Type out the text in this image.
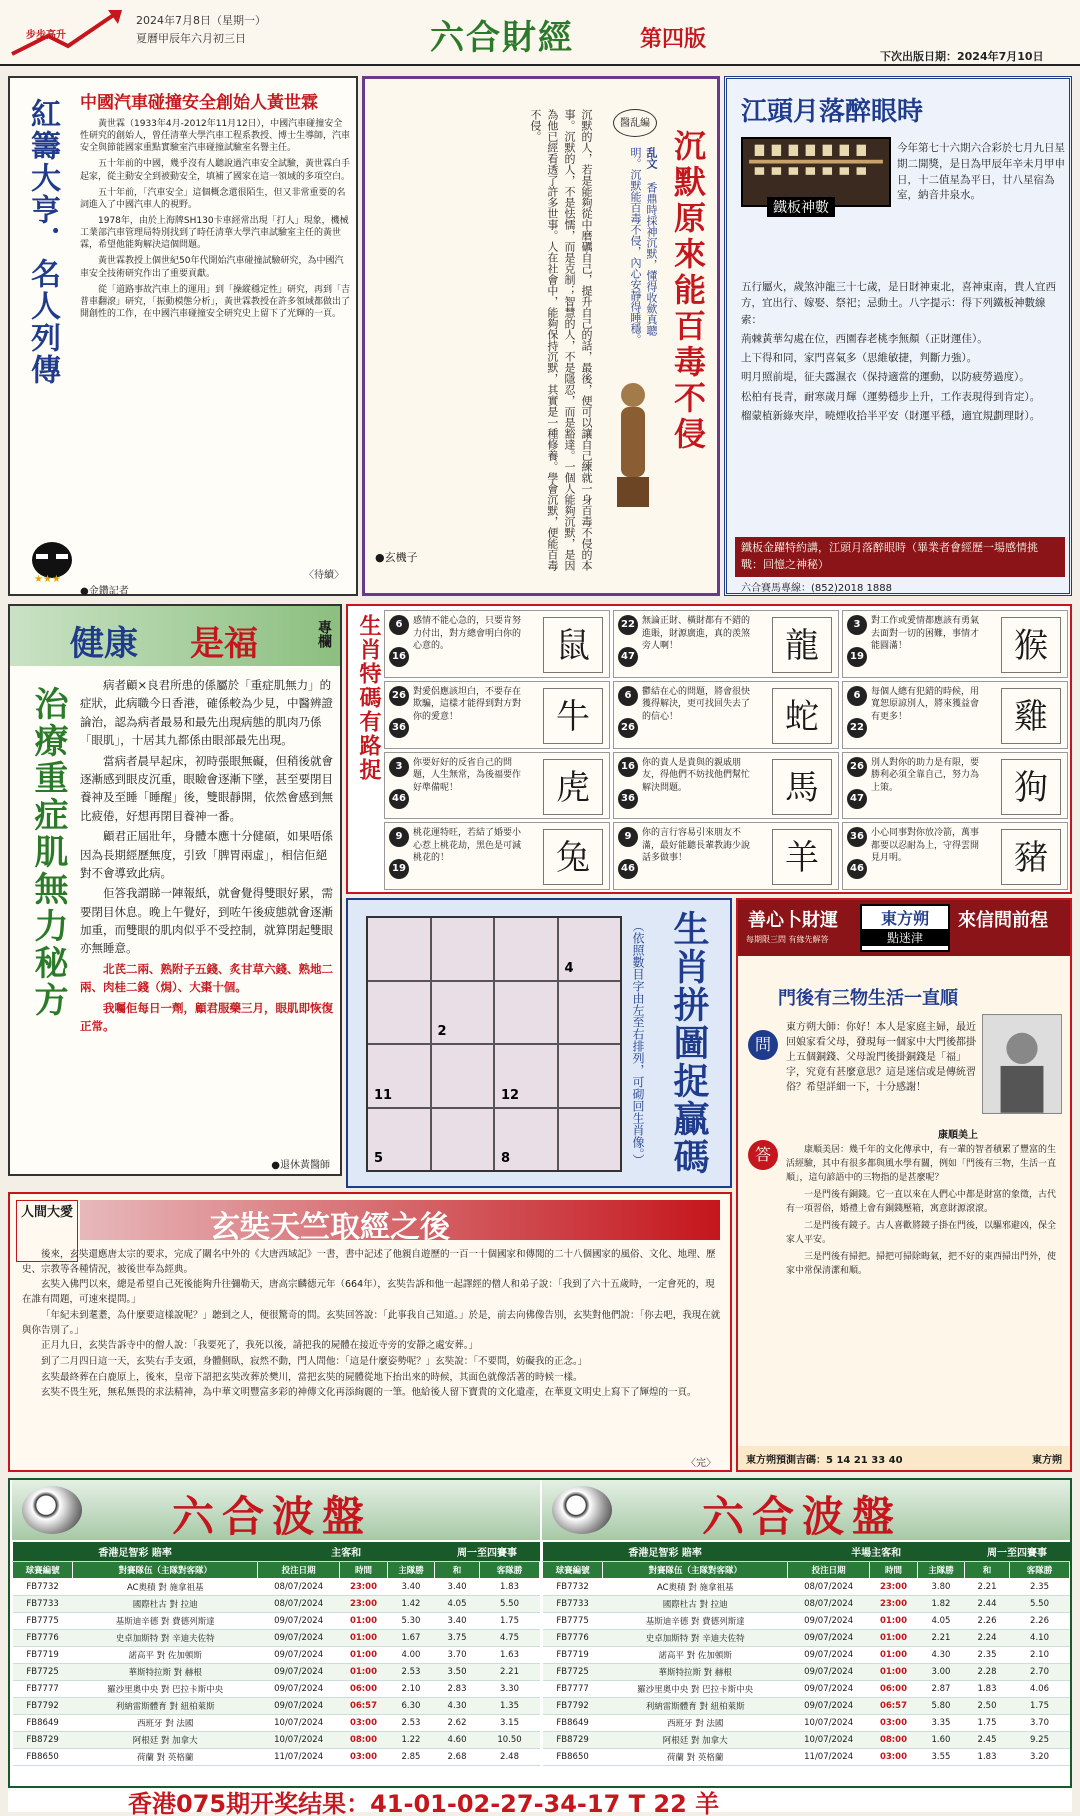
步步高升
2024年7月8日（星期一）
夏曆甲辰年六月初三日	六合財經	第四版
下次出版日期：2024年7月10日
紅籌大亨．名人列傳
★★★
中國汽車碰撞安全創始人黃世霖

黃世霖（1933年4月-2012年11月12日），中國汽車碰撞安全性研究的創始人，曾任清華大學汽車工程系教授、博士生導師，汽車安全與節能國家重點實驗室汽車碰撞試驗室名譽主任。

五十年前的中國，幾乎沒有人聽說過汽車安全試驗，黃世霖白手起家，從主動安全到被動安全，填補了國家在這一領域的多項空白。

五十年前，「汽車安全」這個概念還很陌生，但又非常重要的名詞進入了中國汽車人的視野。

1978年，由於上海牌SH130卡車經常出現「打人」現象，機械工業部汽車管理局特別找到了時任清華大學汽車試驗室主任的黃世霖，希望他能夠解決這個問題。

黃世霖教授上個世紀50年代開始汽車碰撞試驗研究，為中國汽車安全技術研究作出了重要貢獻。

從「道路事故汽車上的運用」到「操縱穩定性」研究，再到「吉普車翻滾」研究，「振動模態分析」，黃世霖教授在許多領域都做出了開創性的工作，在中國汽車碰撞安全研究史上留下了光輝的一頁。

〈待續〉
●金鑽記者
沉默原來能百毒不侵
醫乱編
乱文 香鼎時採神沉默，懂得收歛真聰明。沉默能百毒不侵，內心安靜得睡穩。
沉默的人，若是能夠從中磨礪自己，提升自己的話，最後，便可以讓自己練就一身百毒不侵的本事。沉默的人，不是怯懦，而是克制；智慧的人，不是隱忍，而是豁達。一個人能夠沉默，是因為他已經看透了許多世事。人在社會中，能夠保持沉默，其實是一種修養。學會沉默，便能百毒不侵。
●玄機子
江頭月落醉眼時
鐵板神數
今年第七十六期六合彩於七月九日星期二開獎，是日為甲辰年辛未月甲申日，十二值星為平日，廿八星宿為室，納音井泉水。

五行屬火，歲煞沖龍三十七歲，是日財神東北，喜神東南，貴人宜西方，宜出行、嫁娶、祭祀；忌動土。八字提示：得下列鐵板神數線索：

荊棘黃華勾處在位，西園春老桃李無顏（正財運佳）。

上下得和同，家門喜氣多（思維敏捷，判斷力強）。

明月照前堤，征夫露濕衣（保持適當的運動，以防疲勞過度）。

松柏有長青，耐寒歲月輝（運勢穩步上升，工作表現得到肯定）。

榴蒙植新綠夾岸，曉煙收拾半平安（財運平穩，適宜規劃理財）。

鐵板金躍特約講，江頭月落醉眼時（畢業者會經歷一場感情挑戰：回憶之神秘）
六合賽馬專線：(852)2018 1888
健康 是福	專欄
治療重症肌無力秘方

病者顧×良君所患的係屬於「重症肌無力」的症狀，此病職今日香港，確係較為少見，中醫辨證論治，認為病者最易和最先出現病態的肌肉乃係「眼肌」，十居其九都係由眼部最先出現。

當病者晨早起床，初時張眼無礙，但稍後就會逐漸感到眼皮沉重，眼瞼會逐漸下墜，甚至要閉目養神及至睡「睡醒」後，雙眼靜開，依然會感到無比疲倦，好想再閉目養神一番。

顧君正屆壯年，身體本應十分健碩，如果唔係因為長期經歷無度，引致「脾胃兩虛」，相信佢絕對不會導致此病。

佢答我謂睇一陣報紙，就會覺得雙眼好累，需要閉目休息。晚上午覺好，到咗午後疲態就會逐漸加重，而雙眼的肌肉似乎不受控制，就算閉起雙眼亦無睡意。

北芪二兩、熟附子五錢、炙甘草六錢、熟地二兩、肉桂二錢（焗）、大棗十個。

我囑佢每日一劑，顧君服藥三月，眼肌即恢復正常。

●退休黃醫師
生肖特碼有路捉	6
16
感情不能心急的，只要肯努力付出，對方總會明白你的心意的。	鼠
22
47
無論正財、橫財都有不錯的進賬，財源廣進，真的羡煞旁人啊！	龍
3
19
對工作或愛情都應該有勇氣去面對一切的困難，事情才能圓滿！	猴
26
36
對愛侶應該坦白，不要存在欺騙，這樣才能得到對方對你的愛意！	牛
6
26
鬱結在心的問題，將會很快獲得解決，更可找回失去了的信心！	蛇
6
22
每個人總有犯錯的時候，用寬恕原諒別人，將來獲益會有更多！	雞
3
46
你要好好的反省自己的問題，人生無常，為後福要作好準備呢！	虎
16
36
你的貴人是貴與的親戚朋友，得他們不妨找他們幫忙解決問題。	馬
26
47
別人對你的助力是有限，要勝利必須全靠自己，努力為上策。	狗
9
19
桃花運特旺，若結了婚要小心惹上桃花劫，黑色是可減桃花的！	兔
9
46
你的言行容易引來朋友不滿，最好能聽長輩教誨少說話多做事！	羊
36
46
小心同事對你放冷箭，萬事都要以忍耐為上，守得雲開見月明。	豬
4
2
11	12
5	8	（依照數目字由左至右排列，可砌回生肖像。） 生肖拼圖捉贏碼 善心卜財運
每期限三問 有緣先解答
東方朔
點迷津
來信問前程
門後有三物生活一直順
問
東方朔大師：你好！本人是家庭主婦，最近回娘家看父母，發現每一個家中大門後都掛上五個銅錢、父母說門後掛銅錢是「福」字，究竟有甚麼意思？這是迷信或是傳統習俗？希望詳細一下，十分感謝！
答
康順美上

康順美居：幾千年的文化傳承中，有一輩的智者積累了豐富的生活經驗，其中有很多都與風水學有關，例如「門後有三物，生活一直順」，這句諺語中的三物指的是甚麼呢？

一是門後有銅錢。它一直以來在人們心中都是財富的象徵，古代有一項習俗，婚禮上會有銅錢壓箱，寓意財源滾滾。

二是門後有鏡子。古人喜歡將鏡子掛在門後，以驅邪避凶，保全家人平安。

三是門後有掃把。掃把可掃除晦氣，把不好的東西掃出門外，使家中常保清潔和順。

東方朔預測吉碼：5 14 21 33 40	東方朔
人間大愛	玄奘天竺取經之後

後來，玄奘還應唐太宗的要求，完成了關名中外的《大唐西域記》一書，書中記述了他親自遊歷的一百一十個國家和傳聞的二十八個國家的風俗、文化、地理、歷史、宗教等各種情況，被後世奉為經典。

玄奘入佛門以來，總是希望自己死後能夠升往彌勒天，唐高宗麟德元年（664年），玄奘告訴和他一起譯經的僧人和弟子說：「我到了六十五歲時，一定會死的，現在誰有問題，可速來提問。」

「年紀未到耄耋，為什麼要這樣說呢？」聽到之人，便很驚奇的問。玄奘回答說：「此事我自己知道。」於是，前去向佛像告別，玄奘對他們說：「你去吧，我現在就與你告別了。」

正月九日，玄奘告訴寺中的僧人說：「我要死了，我死以後，請把我的屍體在接近寺旁的安靜之處安葬。」

到了二月四日這一天，玄奘右手支頭，身體側臥，寂然不動，門人問他：「這是什麼姿勢呢？」玄奘說：「不要問，妨礙我的正念。」

玄奘最終葬在白鹿原上，後來，皇帝下詔把玄奘改葬於樊川，當把玄奘的屍體從地下抬出來的時候，其面色就像活著的時候一樣。

玄奘不畏生死，無私無畏的求法精神，為中華文明豐富多彩的神傳文化再添絢麗的一筆。他給後人留下寶貴的文化遺產，在華夏文明史上寫下了輝煌的一頁。

〈完〉
六合波盤	六合波盤
香港足智彩 賠率		主客和			周一至四賽事	
球賽編號	對賽隊伍（主隊對客隊）	投注日期	時間	主隊勝	和	客隊勝
FB7732	AC奧積 對 施拿祖基	08/07/2024	23:00	3.40	3.40	1.83
FB7733	國際杜古 對 拉迪	08/07/2024	23:00	1.42	4.05	5.50
FB7775	基斯迪辛德 對 費德列斯達	09/07/2024	01:00	5.30	3.40	1.75
FB7776	史卓加斯特 對 辛迪夫佐特	09/07/2024	01:00	1.67	3.75	4.75
FB7719	諾高平 對 佐加頓斯	09/07/2024	01:00	4.00	3.70	1.63
FB7725	華斯特拉斯 對 赫根	09/07/2024	01:00	2.53	3.50	2.21
FB7777	羅沙里奧中央 對 巴拉卡斯中央	09/07/2024	06:00	2.10	2.83	3.30
FB7792	利納雷斯體育 對 紐柏萊斯	09/07/2024	06:57	6.30	4.30	1.35
FB8649	西班牙 對 法國	10/07/2024	03:00	2.53	2.62	3.15
FB8729	阿根廷 對 加拿大	10/07/2024	08:00	1.22	4.60	10.50
FB8650	荷蘭 對 英格蘭	11/07/2024	03:00	2.85	2.68	2.48
香港足智彩 賠率		半場主客和			周一至四賽事	
球賽編號	對賽隊伍（主隊對客隊）	投注日期	時間	主隊勝	和	客隊勝
FB7732	AC奧積 對 施拿祖基	08/07/2024	23:00	3.80	2.21	2.35
FB7733	國際杜古 對 拉迪	08/07/2024	23:00	1.82	2.44	5.50
FB7775	基斯迪辛德 對 費德列斯達	09/07/2024	01:00	4.05	2.26	2.26
FB7776	史卓加斯特 對 辛迪夫佐特	09/07/2024	01:00	2.21	2.24	4.10
FB7719	諾高平 對 佐加頓斯	09/07/2024	01:00	4.30	2.35	2.10
FB7725	華斯特拉斯 對 赫根	09/07/2024	01:00	3.00	2.28	2.70
FB7777	羅沙里奧中央 對 巴拉卡斯中央	09/07/2024	06:00	2.87	1.83	4.06
FB7792	利納雷斯體育 對 紐柏萊斯	09/07/2024	06:57	5.80	2.50	1.75
FB8649	西班牙 對 法國	10/07/2024	03:00	3.35	1.75	3.70
FB8729	阿根廷 對 加拿大	10/07/2024	08:00	1.60	2.45	9.25
FB8650	荷蘭 對 英格蘭	11/07/2024	03:00	3.55	1.83	3.20
香港075期开奖结果：41-01-02-27-34-17 T 22 羊
